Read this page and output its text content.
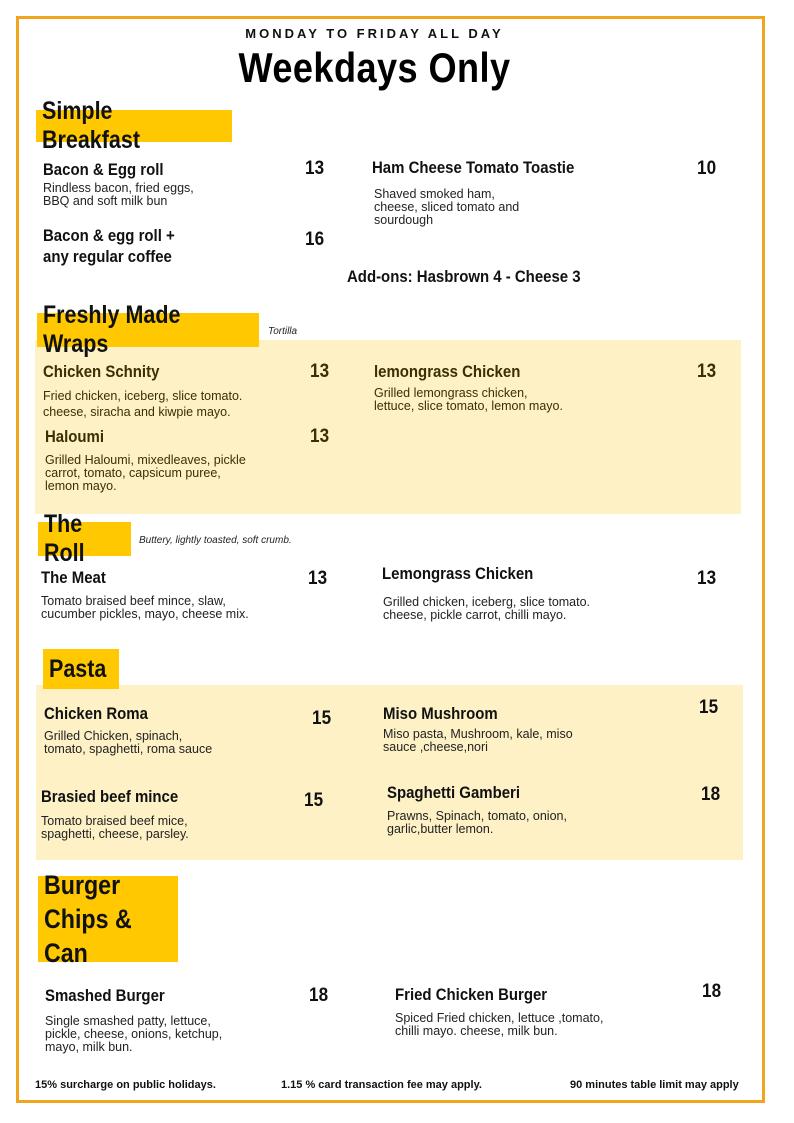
MONDAY TO FRIDAY ALL DAY
Weekdays Only
Simple Breakfast
Bacon & Egg roll	13
Rindless bacon, fried eggs,
BBQ and soft milk bun
Bacon & egg roll +
any regular coffee
16
Ham Cheese Tomato Toastie	10
Shaved smoked ham,
cheese, sliced tomato and
sourdough
Add-ons: Hasbrown 4 - Cheese 3
Freshly Made Wraps	Tortilla
Chicken Schnity	13
Fried chicken, iceberg, slice tomato.
cheese, siracha and kiwpie mayo.
Haloumi	13
Grilled Haloumi, mixedleaves, pickle
carrot, tomato, capsicum puree,
lemon mayo.
lemongrass Chicken	13
Grilled lemongrass chicken,
lettuce, slice tomato, lemon mayo.
The Roll	Buttery, lightly toasted, soft crumb.
The Meat	13
Tomato braised beef mince, slaw,
cucumber pickles, mayo, cheese mix.
Lemongrass Chicken	13
Grilled chicken, iceberg, slice tomato.
cheese, pickle carrot, chilli mayo.
Pasta
Chicken Roma	15
Grilled Chicken, spinach,
tomato, spaghetti, roma sauce
Brasied beef mince	15
Tomato braised beef mice,
spaghetti, cheese, parsley.
Miso Mushroom	15
Miso pasta, Mushroom, kale, miso
sauce ,cheese,nori
Spaghetti Gamberi	18
Prawns, Spinach, tomato, onion,
garlic,butter lemon.
Burger
Chips & Can
Smashed Burger	18
Single smashed patty, lettuce,
pickle, cheese, onions, ketchup,
mayo, milk bun.
Fried Chicken Burger	18
Spiced Fried chicken, lettuce ,tomato,
chilli mayo. cheese, milk bun.
15% surcharge on public holidays.	1.15 % card transaction fee may apply.	90 minutes table limit may apply
